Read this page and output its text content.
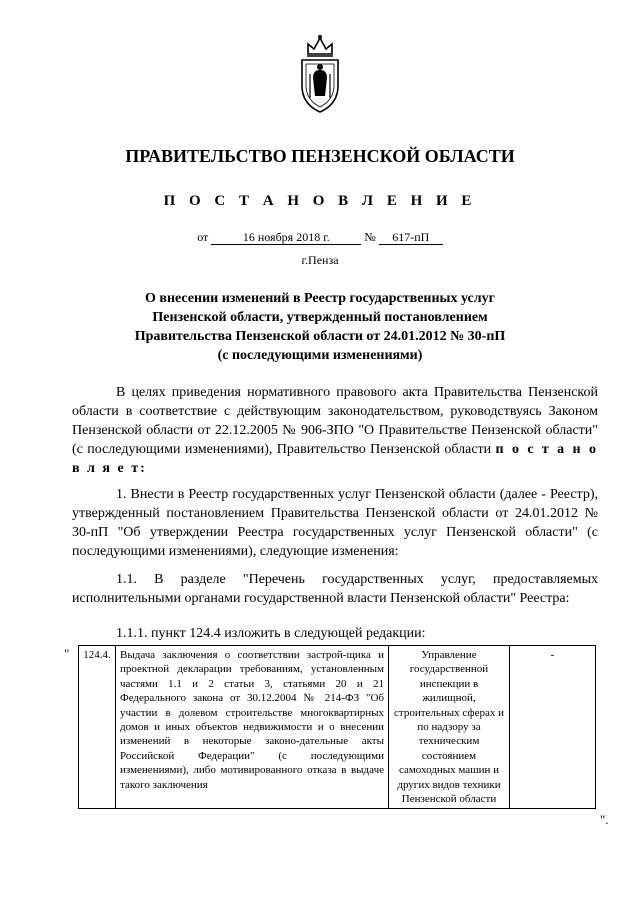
ПРАВИТЕЛЬСТВО ПЕНЗЕНСКОЙ ОБЛАСТИ
П О С Т А Н О В Л Е Н И Е
от	16 ноября 2018 г.	№ 617-пП
г.Пенза
О внесении изменений в Реестр государственных услуг
Пензенской области, утвержденный постановлением
Правительства Пензенской области от 24.01.2012 № 30-пП
(с последующими изменениями)
В целях приведения нормативного правового акта Правительства Пензенской области в соответствие с действующим законодательством, руководствуясь Законом Пензенской области от 22.12.2005 № 906-ЗПО "О Правительстве Пензенской области" (с последующими изменениями), Правительство Пензенской области п о с т а н о в л я е т:
1. Внести в Реестр государственных услуг Пензенской области (далее - Реестр), утвержденный постановлением Правительства Пензенской области от 24.01.2012 № 30-пП "Об утверждении Реестра государственных услуг Пензенской области" (с последующими изменениями), следующие изменения:
1.1. В разделе "Перечень государственных услуг, предоставляемых исполнительными органами государственной власти Пензенской области" Реестра:
1.1.1. пункт 124.4 изложить в следующей редакции:
" 124.4.	Выдача заключения о соответствии застрой-щика и проектной декларации требованиям, установленным частями 1.1 и 2 статьи 3, статьями 20 и 21 Федерального закона от 30.12.2004 № 214-ФЗ "Об участии в долевом строительстве многоквартирных домов и иных объектов недвижимости и о внесении изменений в некоторые законо-дательные акты Российской Федерации" (с последующими изменениями), либо мотивированного отказа в выдаче такого заключения	Управление государственной инспекции в жилищной, строительных сферах и по надзору за техническим состоянием самоходных машин и других видов техники Пензенской области	-
".
